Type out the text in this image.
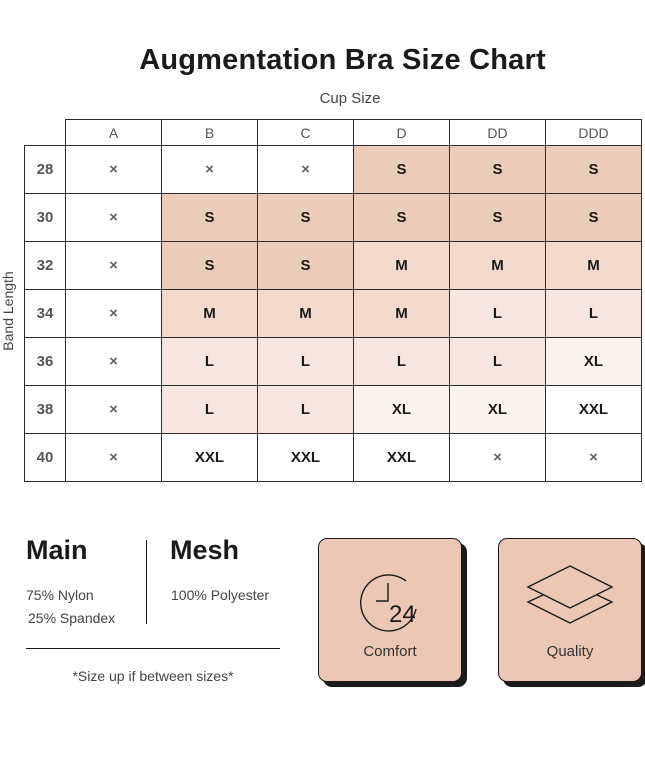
Augmentation Bra Size Chart
Cup Size
Band Length
	A	B	C	D	DD	DDD
28	×	×	×	S	S	S
30	×	S	S	S	S	S
32	×	S	S	M	M	M
34	×	M	M	M	L	L
36	×	L	L	L	L	XL
38	×	L	L	XL	XL	XXL
40	×	XXL	XXL	XXL	×	×
Main
75% Nylon
25% Spandex
Mesh
100% Polyester
*Size up if between sizes*
24
Comfort	Quality
